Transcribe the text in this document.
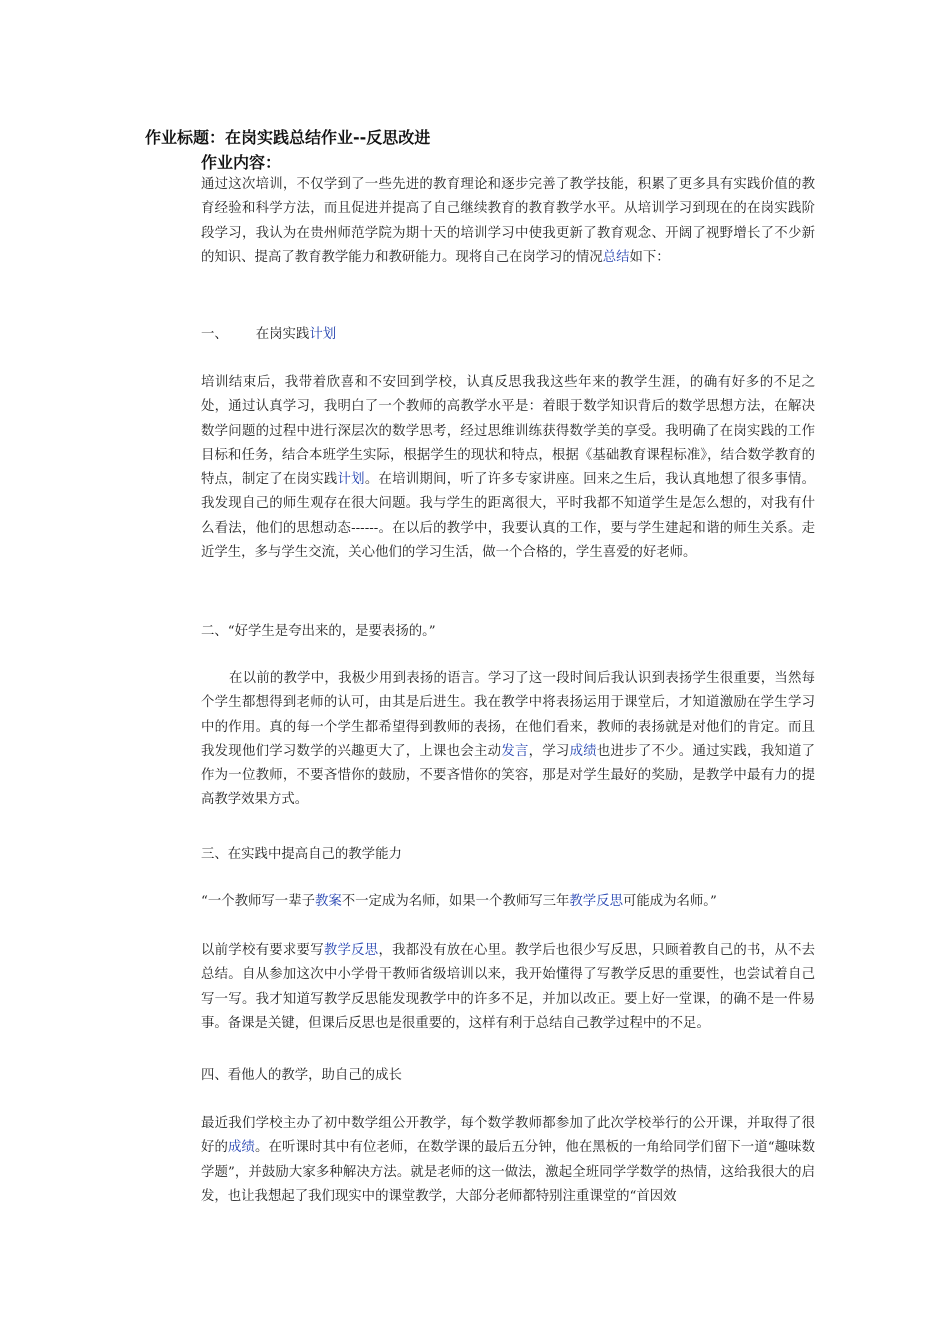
作业标题：在岗实践总结作业--反思改进
作业内容：
通过这次培训，不仅学到了一些先进的教育理论和逐步完善了教学技能，积累了更多具有实践价值的教育经验和科学方法，而且促进并提高了自己继续教育的教育教学水平。从培训学习到现在的在岗实践阶段学习，我认为在贵州师范学院为期十天的培训学习中使我更新了教育观念、开阔了视野增长了不少新的知识、提高了教育教学能力和教研能力。现将自己在岗学习的情况总结如下：
一、 在岗实践计划
培训结束后，我带着欣喜和不安回到学校，认真反思我我这些年来的教学生涯，的确有好多的不足之处，通过认真学习，我明白了一个教师的高教学水平是：着眼于数学知识背后的数学思想方法，在解决数学问题的过程中进行深层次的数学思考，经过思维训练获得数学美的享受。我明确了在岗实践的工作目标和任务，结合本班学生实际，根据学生的现状和特点，根据《基础教育课程标准》，结合数学教育的特点，制定了在岗实践计划。在培训期间，听了许多专家讲座。回来之生后，我认真地想了很多事情。我发现自己的师生观存在很大问题。我与学生的距离很大，平时我都不知道学生是怎么想的，对我有什么看法，他们的思想动态------。在以后的教学中，我要认真的工作，要与学生建起和谐的师生关系。走近学生，多与学生交流，关心他们的学习生活，做一个合格的，学生喜爱的好老师。
二、“好学生是夸出来的，是要表扬的。”
在以前的教学中，我极少用到表扬的语言。学习了这一段时间后我认识到表扬学生很重要，当然每个学生都想得到老师的认可，由其是后进生。我在教学中将表扬运用于课堂后，才知道激励在学生学习中的作用。真的每一个学生都希望得到教师的表扬，在他们看来，教师的表扬就是对他们的肯定。而且我发现他们学习数学的兴趣更大了，上课也会主动发言，学习成绩也进步了不少。通过实践，我知道了作为一位教师，不要吝惜你的鼓励，不要吝惜你的笑容，那是对学生最好的奖励，是教学中最有力的提高教学效果方式。
三、在实践中提高自己的教学能力
“一个教师写一辈子教案不一定成为名师，如果一个教师写三年教学反思可能成为名师。”
以前学校有要求要写教学反思，我都没有放在心里。教学后也很少写反思，只顾着教自己的书，从不去总结。自从参加这次中小学骨干教师省级培训以来，我开始懂得了写教学反思的重要性，也尝试着自己写一写。我才知道写教学反思能发现教学中的许多不足，并加以改正。要上好一堂课，的确不是一件易事。备课是关键，但课后反思也是很重要的，这样有利于总结自己教学过程中的不足。
四、看他人的教学，助自己的成长
最近我们学校主办了初中数学组公开教学，每个数学教师都参加了此次学校举行的公开课，并取得了很好的成绩。在听课时其中有位老师，在数学课的最后五分钟，他在黑板的一角给同学们留下一道“趣味数学题”，并鼓励大家多种解决方法。就是老师的这一做法，激起全班同学学数学的热情，这给我很大的启发，也让我想起了我们现实中的课堂教学，大部分老师都特别注重课堂的“首因效
